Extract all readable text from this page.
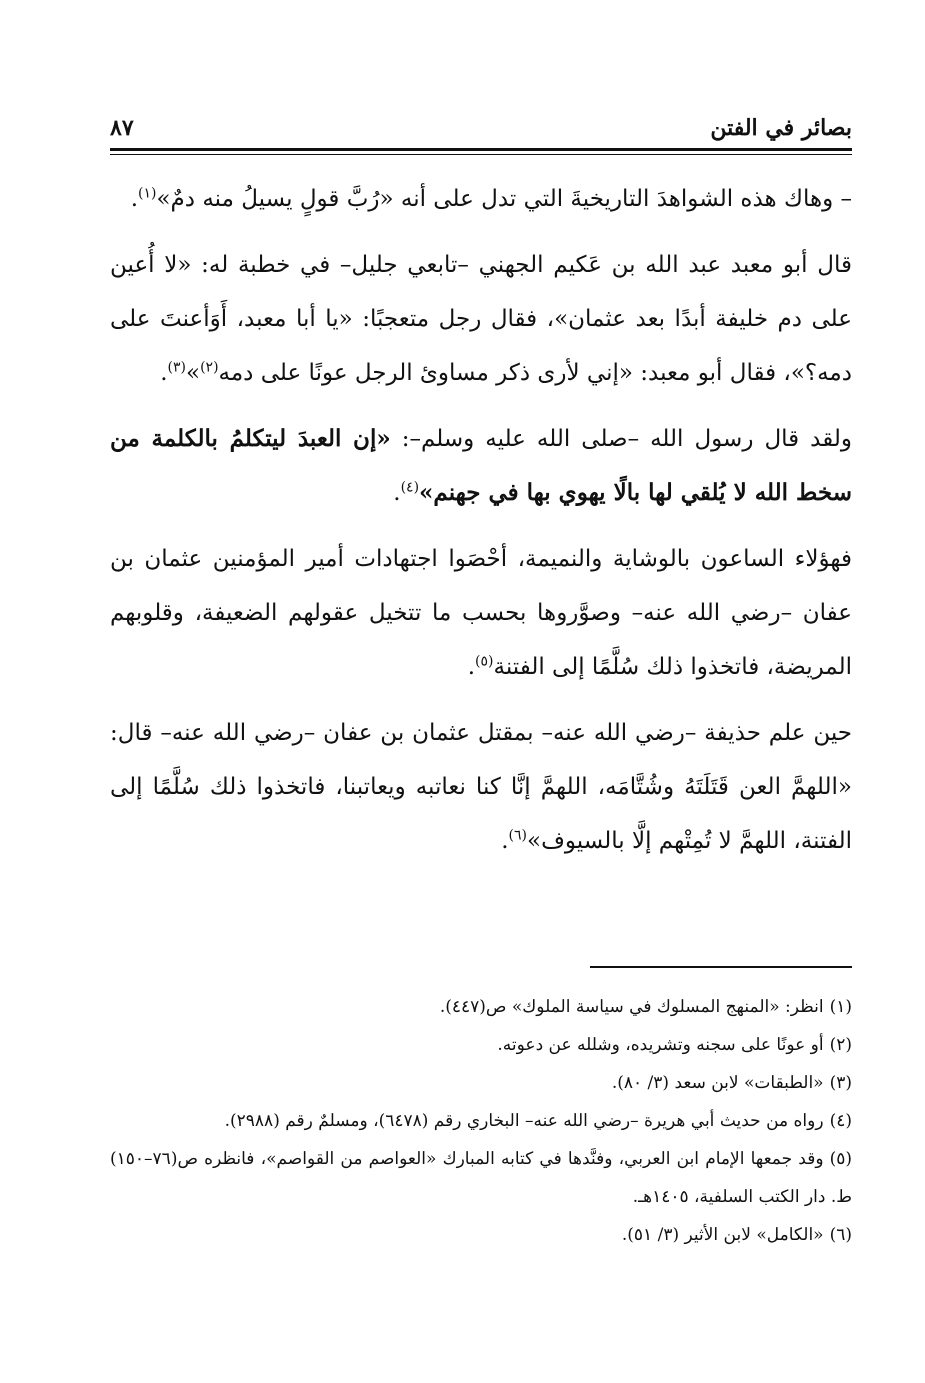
بصائر في الفتن
٨٧

– وهاك هذه الشواهدَ التاريخيةَ التي تدل على أنه «رُبَّ قولٍ يسيلُ منه دمٌ»$^{(١)}$.

قال أبو معبد عبد الله بن عَكيم الجهني –تابعي جليل– في خطبة له: «لا أُعين على دم خليفة أبدًا بعد عثمان»، فقال رجل متعجبًا: «يا أبا معبد، أَوَأعنتَ على دمه؟»، فقال أبو معبد: «إني لأرى ذكر مساوئ الرجل عونًا على دمه$^{(٢)}$»$^{(٣)}$.

ولقد قال رسول الله –صلى الله عليه وسلم–: «إن العبدَ ليتكلمُ بالكلمة من سخط الله لا يُلقي لها بالًا يهوي بها في جهنم»$^{(٤)}$.

فهؤلاء الساعون بالوشاية والنميمة، أحْصَوا اجتهادات أمير المؤمنين عثمان بن عفان –رضي الله عنه– وصوَّروها بحسب ما تتخيل عقولهم الضعيفة، وقلوبهم المريضة، فاتخذوا ذلك سُلَّمًا إلى الفتنة$^{(٥)}$.

حين علم حذيفة –رضي الله عنه– بمقتل عثمان بن عفان –رضي الله عنه– قال: «اللهمَّ العن قَتَلَتَهُ وشُتَّامَه، اللهمَّ إنَّا كنا نعاتبه ويعاتبنا، فاتخذوا ذلك سُلَّمًا إلى الفتنة، اللهمَّ لا تُمِتْهم إلَّا بالسيوف»$^{(٦)}$.

(١)انظر: «المنهج المسلوك في سياسة الملوك» ص(٤٤٧).

(٢)أو عونًا على سجنه وتشريده، وشلله عن دعوته.

(٣)«الطبقات» لابن سعد (٣/ ٨٠).

(٤)رواه من حديث أبي هريرة –رضي الله عنه– البخاري رقم (٦٤٧٨)، ومسلمٌ رقم (٢٩٨٨).

(٥)وقد جمعها الإمام ابن العربي، وفنَّدها في كتابه المبارك «العواصم من القواصم»، فانظره ص(٧٦–١٥٠) ط. دار الكتب السلفية، ١٤٠٥هـ.

(٦)«الكامل» لابن الأثير (٣/ ٥١).
